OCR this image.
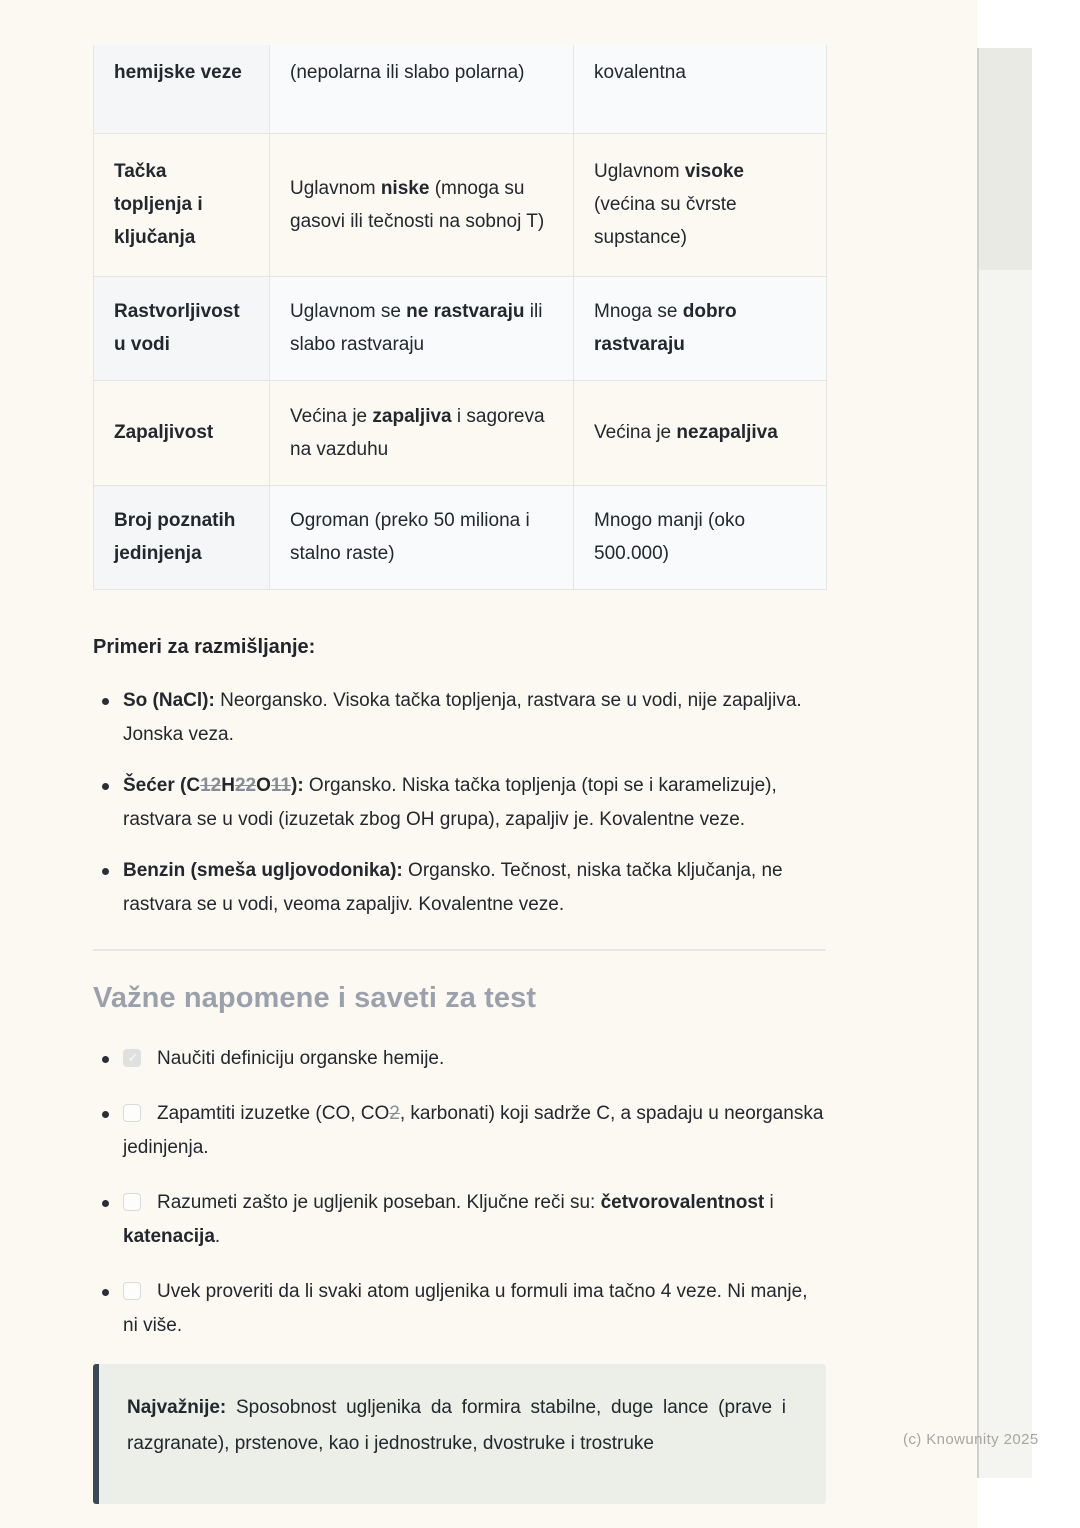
hemijske veze	(nepolarna ili slabo polarna)	kovalentna
Tačka topljenja i ključanja	Uglavnom niske (mnoga su gasovi ili tečnosti na sobnoj T)	Uglavnom visoke (većina su čvrste supstance)
Rastvorljivost u vodi	Uglavnom se ne rastvaraju ili slabo rastvaraju	Mnoga se dobro rastvaraju
Zapaljivost	Većina je zapaljiva i sagoreva na vazduhu	Većina je nezapaljiva
Broj poznatih jedinjenja	Ogroman (preko 50 miliona i stalno raste)	Mnogo manji (oko 500.000)
Primeri za razmišljanje:
So (NaCl): Neorgansko. Visoka tačka topljenja, rastvara se u vodi, nije zapaljiva. Jonska veza.
Šećer (C12H22O11): Organsko. Niska tačka topljenja (topi se i karamelizuje), rastvara se u vodi (izuzetak zbog OH grupa), zapaljiv je. Kovalentne veze.
Benzin (smeša ugljovodonika): Organsko. Tečnost, niska tačka ključanja, ne rastvara se u vodi, veoma zapaljiv. Kovalentne veze.
Važne napomene i saveti za test
✓Naučiti definiciju organske hemije.
Zapamtiti izuzetke (CO, CO2, karbonati) koji sadrže C, a spadaju u neorganska jedinjenja.
Razumeti zašto je ugljenik poseban. Ključne reči su: četvorovalentnost i katenacija.
Uvek proveriti da li svaki atom ugljenika u formuli ima tačno 4 veze. Ni manje, ni više.

Najvažnije: Sposobnost ugljenika da formira stabilne, duge lance (prave i razgranate), prstenove, kao i jednostruke, dvostruke i trostruke	(c) Knowunity 2025
